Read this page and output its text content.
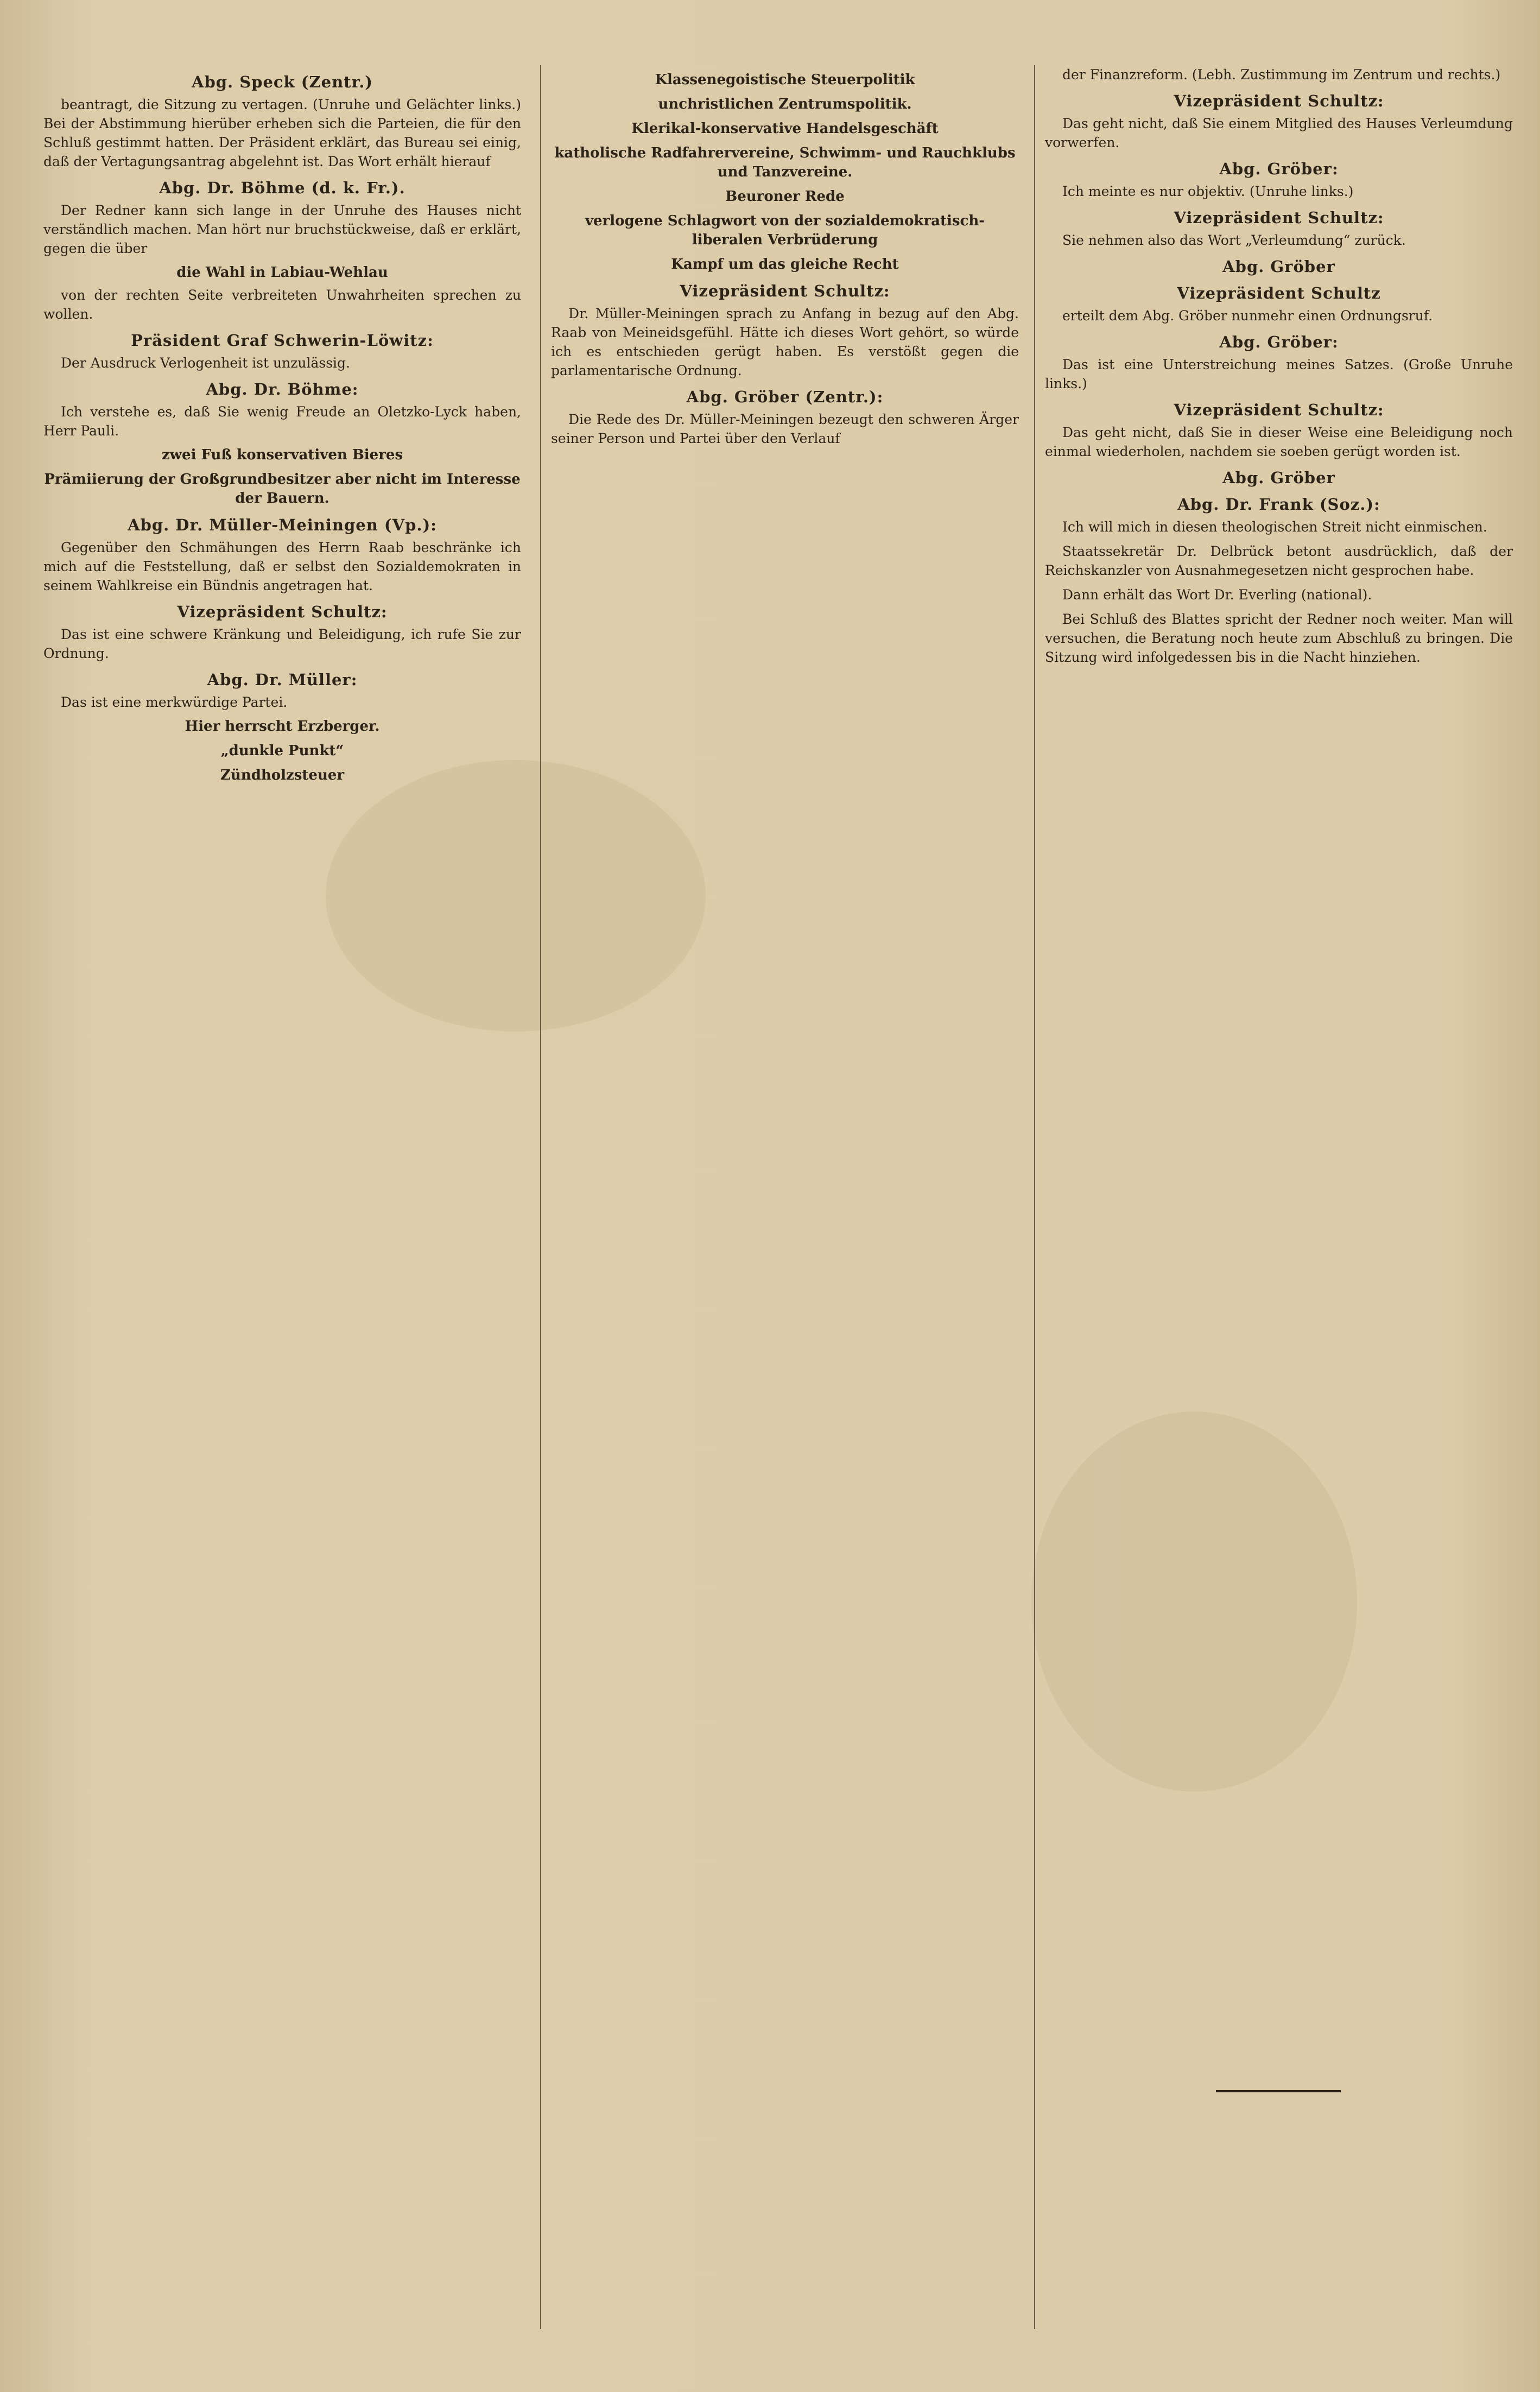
Abg. Speck (Zentr.)

beantragt, die Sitzung zu vertagen. (Unruhe und Gelächter links.) Bei der Abstimmung hierüber erheben sich die Parteien, die für den Schluß gestimmt hatten. Der Präsident erklärt, das Bureau sei einig, daß der Vertagungsantrag abgelehnt ist. Das Wort erhält hierauf

Abg. Dr. Böhme (d. k. Fr.).

Der Redner kann sich lange in der Unruhe des Hauses nicht verständlich machen. Man hört nur bruchstückweise, daß er erklärt, gegen die über

die Wahl in Labiau-Wehlau

von der rechten Seite verbreiteten Unwahrheiten sprechen zu wollen.

Präsident Graf Schwerin-Löwitz:

Der Ausdruck Verlogenheit ist unzulässig.

Abg. Dr. Böhme:

Ich verstehe es, daß Sie wenig Freude an Oletzko-Lyck haben, Herr Pauli.

zwei Fuß konservativen Bieres
Prämiierung der Großgrundbesitzer aber nicht im Interesse der Bauern.
Abg. Dr. Müller-Meiningen (Vp.):

Gegenüber den Schmähungen des Herrn Raab beschränke ich mich auf die Feststellung, daß er selbst den Sozialdemokraten in seinem Wahlkreise ein Bündnis angetragen hat.

Vizepräsident Schultz:

Das ist eine schwere Kränkung und Beleidigung, ich rufe Sie zur Ordnung.

Abg. Dr. Müller:

Das ist eine merkwürdige Partei.

Hier herrscht Erzberger.
„dunkle Punkt“
Zündholzsteuer
Klassenegoistische Steuerpolitik
unchristlichen Zentrumspolitik.
Klerikal-konservative Handelsgeschäft
katholische Radfahrervereine, Schwimm- und Rauchklubs und Tanzvereine.
Beuroner Rede
verlogene Schlagwort von der sozialdemokratisch-liberalen Verbrüderung
Kampf um das gleiche Recht
Vizepräsident Schultz:

Dr. Müller-Meiningen sprach zu Anfang in bezug auf den Abg. Raab von Meineidsgefühl. Hätte ich dieses Wort gehört, so würde ich es entschieden gerügt haben. Es verstößt gegen die parlamentarische Ordnung.

Abg. Gröber (Zentr.):

Die Rede des Dr. Müller-Meiningen bezeugt den schweren Ärger seiner Person und Partei über den Verlauf

der Finanzreform. (Lebh. Zustimmung im Zentrum und rechts.)

Vizepräsident Schultz:

Das geht nicht, daß Sie einem Mitglied des Hauses Verleumdung vorwerfen.

Abg. Gröber:

Ich meinte es nur objektiv. (Unruhe links.)

Vizepräsident Schultz:

Sie nehmen also das Wort „Verleumdung“ zurück.

Abg. Gröber
Vizepräsident Schultz

erteilt dem Abg. Gröber nunmehr einen Ordnungsruf.

Abg. Gröber:

Das ist eine Unterstreichung meines Satzes. (Große Unruhe links.)

Vizepräsident Schultz:

Das geht nicht, daß Sie in dieser Weise eine Beleidigung noch einmal wiederholen, nachdem sie soeben gerügt worden ist.

Abg. Gröber
Abg. Dr. Frank (Soz.):

Ich will mich in diesen theologischen Streit nicht einmischen.

Staatssekretär Dr. Delbrück betont ausdrücklich, daß der Reichskanzler von Ausnahmegesetzen nicht gesprochen habe.

Dann erhält das Wort Dr. Everling (national).

Bei Schluß des Blattes spricht der Redner noch weiter. Man will versuchen, die Beratung noch heute zum Abschluß zu bringen. Die Sitzung wird infolgedessen bis in die Nacht hinziehen.
